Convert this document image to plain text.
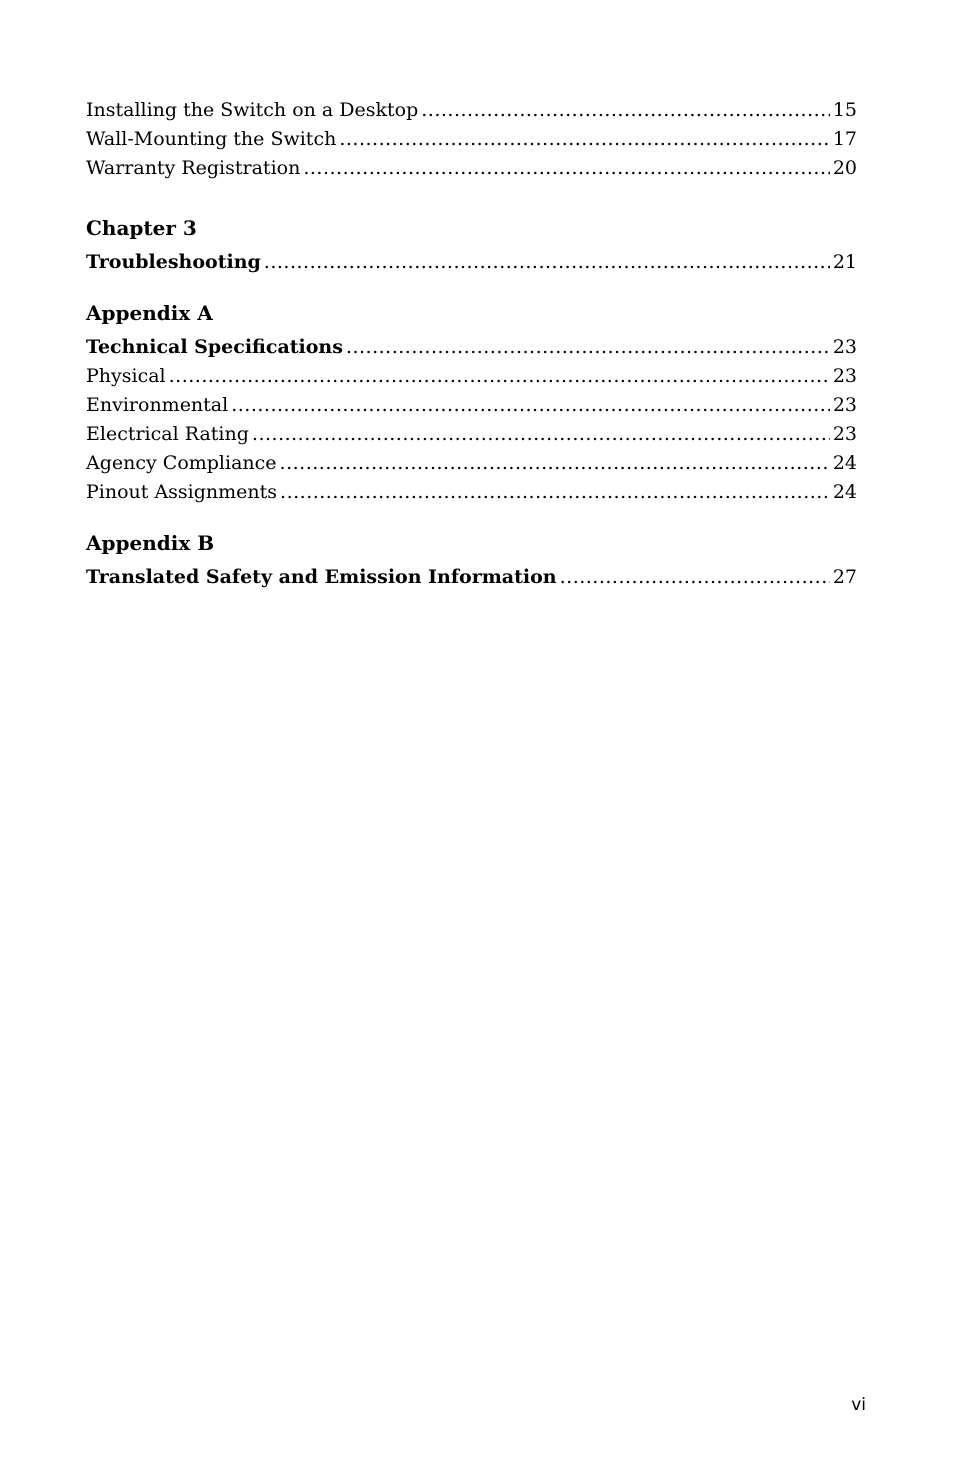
Installing the Switch on a Desktop .....	15
Wall-Mounting the Switch .....	17
Warranty Registration .....	20
Chapter 3
Troubleshooting .....	21
Appendix A
Technical Specifications .....	23
Physical .....	23
Environmental .....	23
Electrical Rating .....	23
Agency Compliance .....	24
Pinout Assignments .....	24
Appendix B
Translated Safety and Emission Information .....	27
vi
